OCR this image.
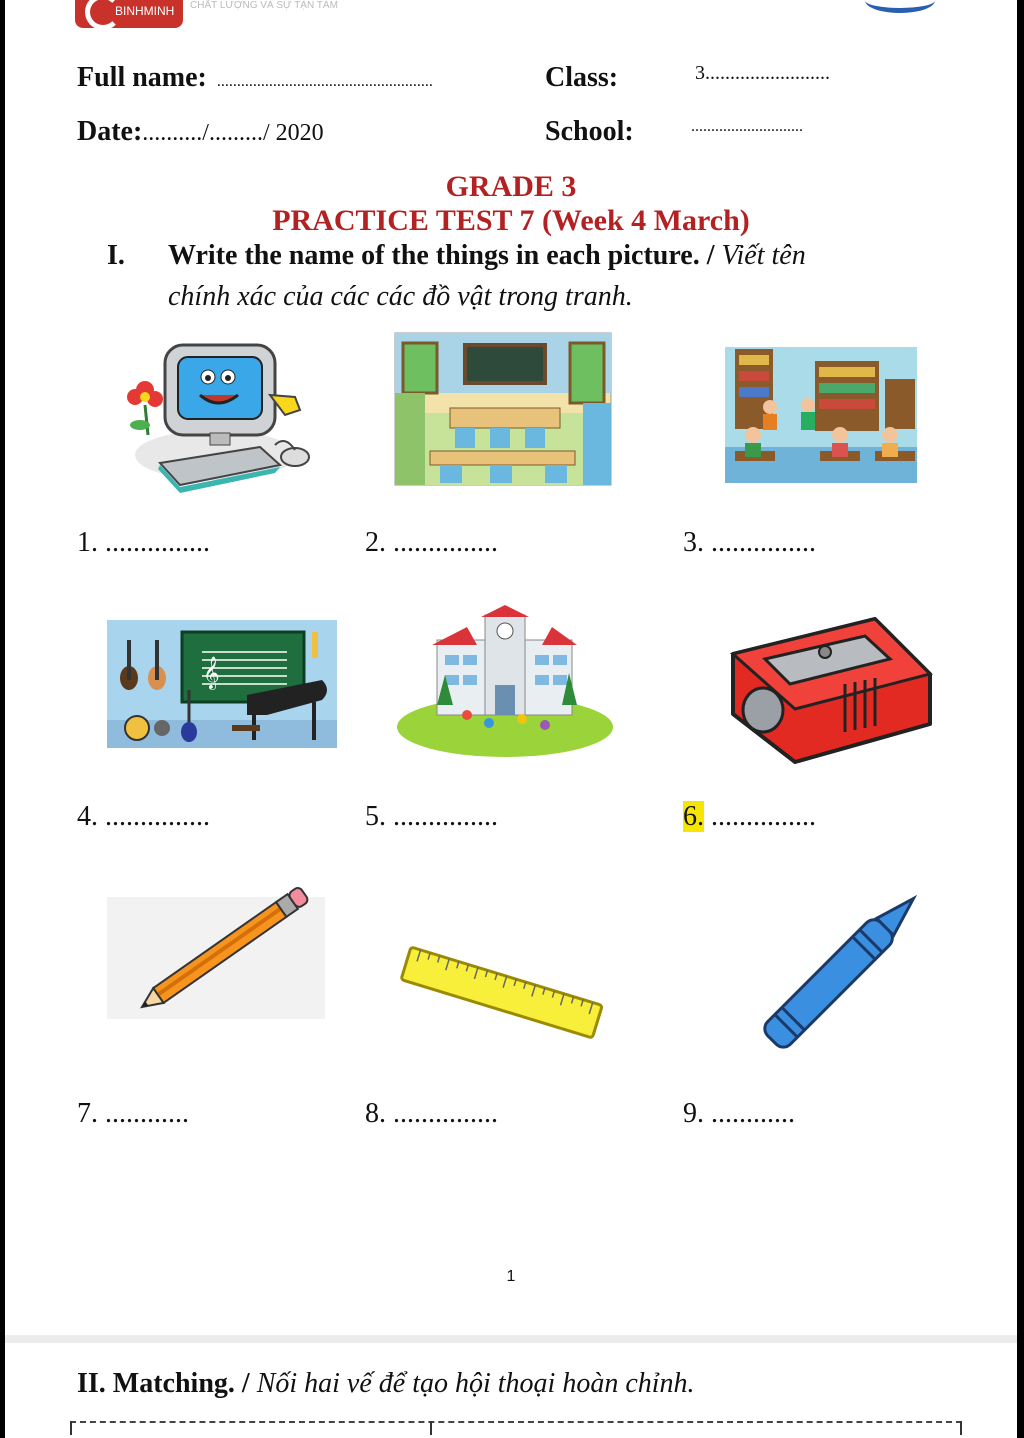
BINHMINH CHẤT LƯỢNG VÀ SỰ TẬN TÂM
Full name: ......................................................	Class:	3.........................
Date:........../........./ 2020	School:	............................
GRADE 3
PRACTICE TEST 7 (Week 4 March)
I. Write the name of the things in each picture. / Viết tên
chính xác của các các đồ vật trong tranh.
1. ...............	2. ...............	3. ...............
𝄞
4. ...............	5. ...............	6. ...............
7. ............	8. ...............	9. ............
1
II. Matching. / Nối hai vế để tạo hội thoại hoàn chỉnh.
